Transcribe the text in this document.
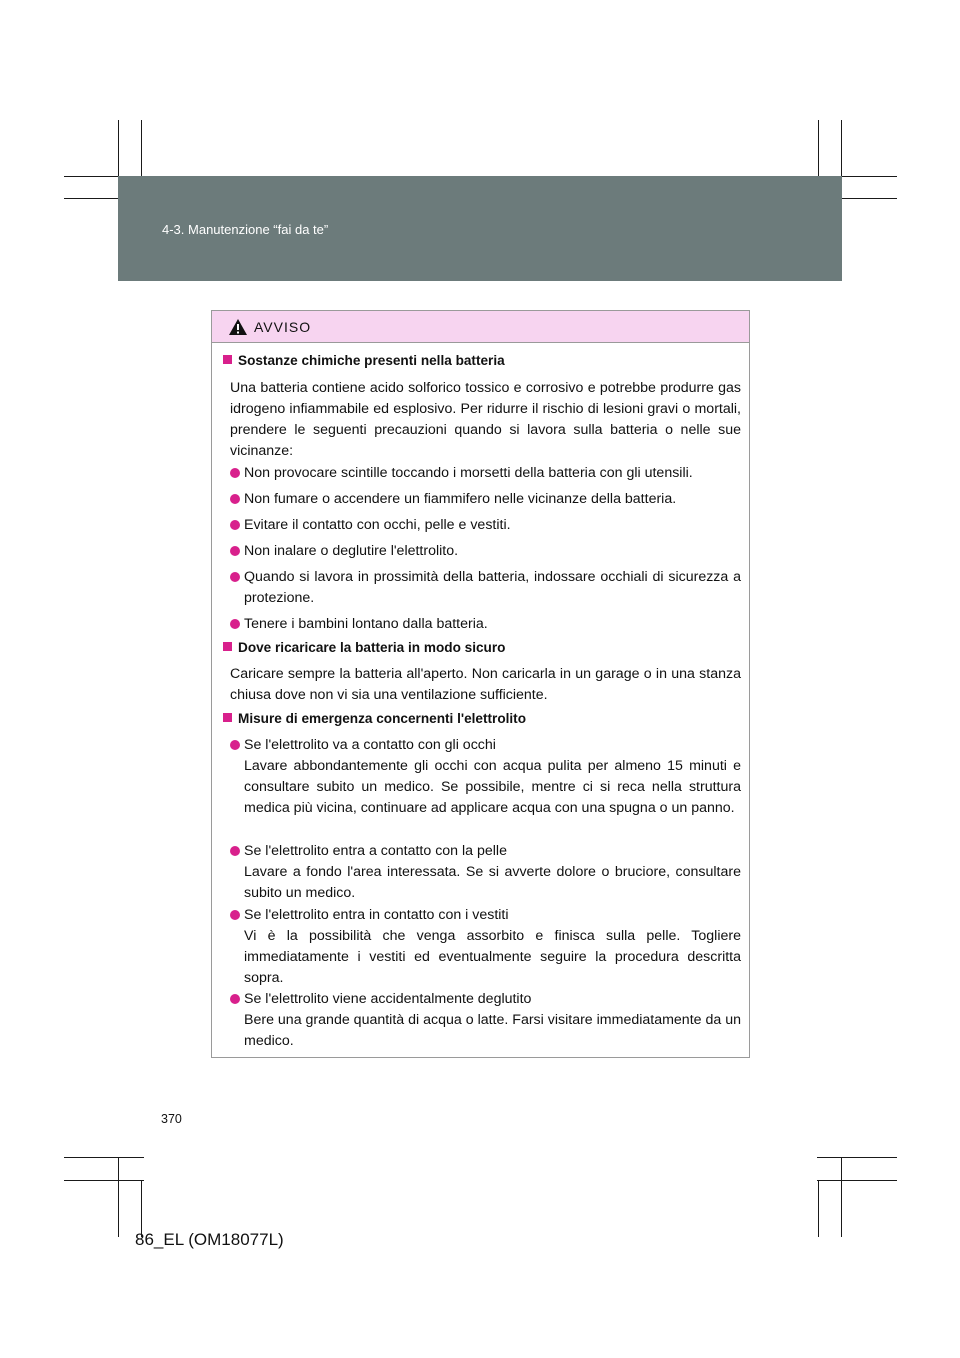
4-3. Manutenzione “fai da te”
AVVISO
Sostanze chimiche presenti nella batteria
Una batteria contiene acido solforico tossico e corrosivo e potrebbe produrre gas idrogeno infiammabile ed esplosivo. Per ridurre il rischio di lesioni gravi o mortali, prendere le seguenti precauzioni quando si lavora sulla batteria o nelle sue vicinanze:
Non provocare scintille toccando i morsetti della batteria con gli utensili.
Non fumare o accendere un fiammifero nelle vicinanze della batteria.
Evitare il contatto con occhi, pelle e vestiti.
Non inalare o deglutire l'elettrolito.
Quando si lavora in prossimità della batteria, indossare occhiali di sicurezza a protezione.
Tenere i bambini lontano dalla batteria.
Dove ricaricare la batteria in modo sicuro
Caricare sempre la batteria all'aperto. Non caricarla in un garage o in una stanza chiusa dove non vi sia una ventilazione sufficiente.
Misure di emergenza concernenti l'elettrolito
Se l'elettrolito va a contatto con gli occhi
Lavare abbondantemente gli occhi con acqua pulita per almeno 15 minuti e consultare subito un medico. Se possibile, mentre ci si reca nella struttura medica più vicina, continuare ad applicare acqua con una spugna o un panno.
Se l'elettrolito entra a contatto con la pelle
Lavare a fondo l'area interessata. Se si avverte dolore o bruciore, consultare subito un medico.
Se l'elettrolito entra in contatto con i vestiti
Vi è la possibilità che venga assorbito e finisca sulla pelle. Togliere immediatamente i vestiti ed eventualmente seguire la procedura descritta sopra.
Se l'elettrolito viene accidentalmente deglutito
Bere una grande quantità di acqua o latte. Farsi visitare immediatamente da un medico.
370
86_EL (OM18077L)
